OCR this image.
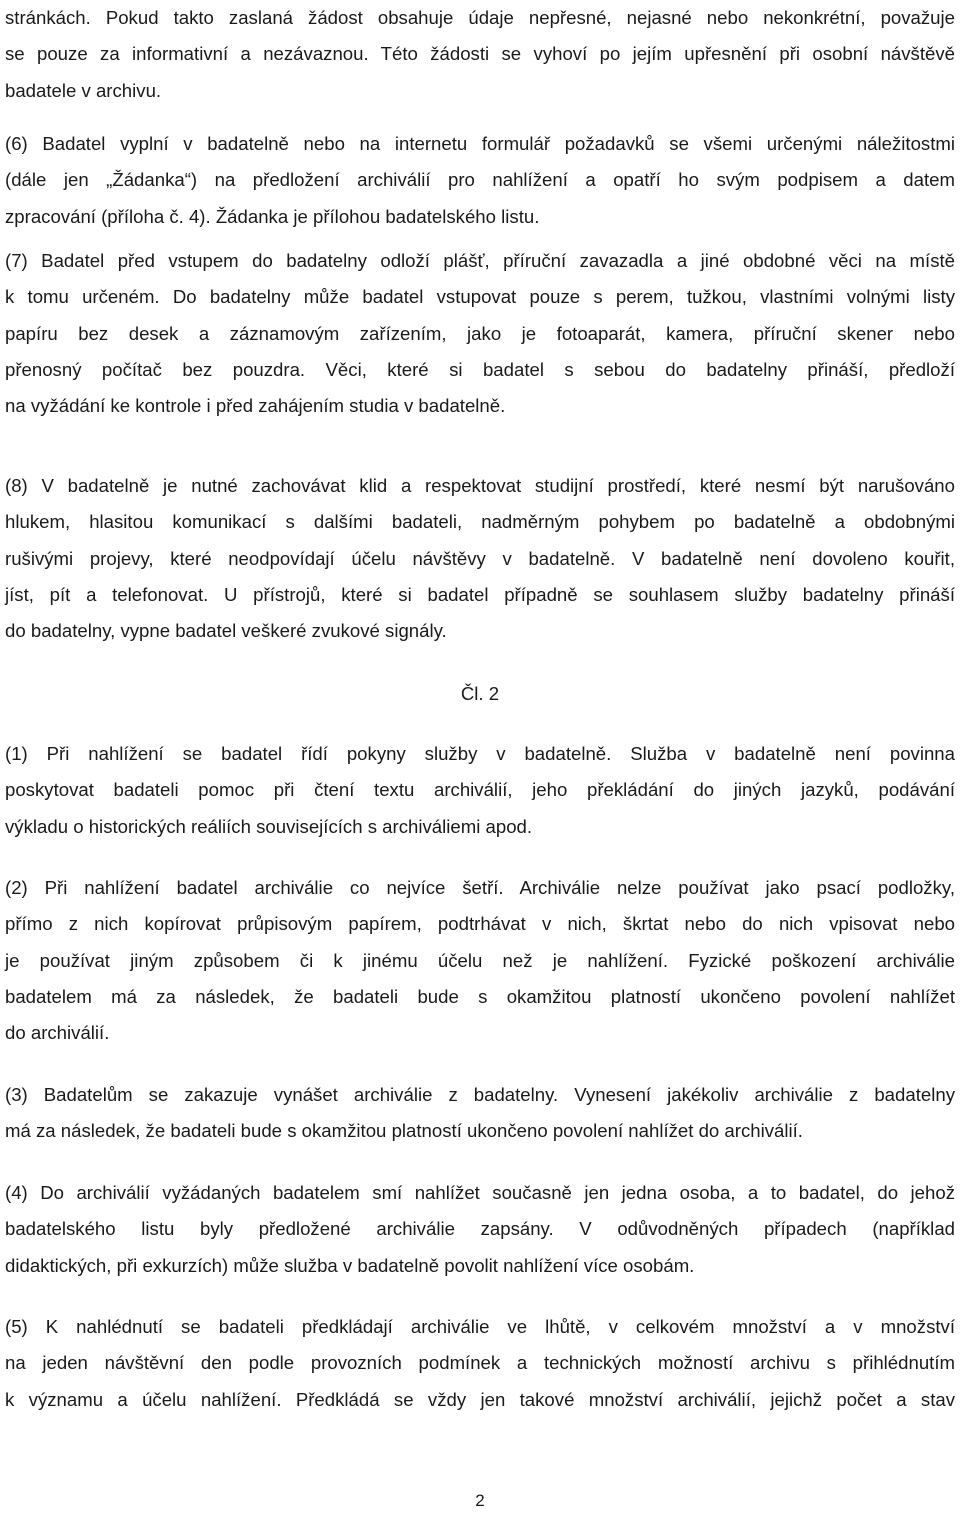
stránkách. Pokud takto zaslaná žádost obsahuje údaje nepřesné, nejasné nebo nekonkrétní, považuje
se pouze za informativní a nezávaznou. Této žádosti se vyhoví po jejím upřesnění při osobní návštěvě
badatele v archivu.
(6) Badatel vyplní v badatelně nebo na internetu formulář požadavků se všemi určenými náležitostmi
(dále jen „Žádanka“) na předložení archiválií pro nahlížení a opatří ho svým podpisem a datem
zpracování (příloha č. 4). Žádanka je přílohou badatelského listu.
(7) Badatel před vstupem do badatelny odloží plášť, příruční zavazadla a jiné obdobné věci na místě
k tomu určeném. Do badatelny může badatel vstupovat pouze s perem, tužkou, vlastními volnými listy
papíru bez desek a záznamovým zařízením, jako je fotoaparát, kamera, příruční skener nebo
přenosný počítač bez pouzdra. Věci, které si badatel s sebou do badatelny přináší, předloží
na vyžádání ke kontrole i před zahájením studia v badatelně.
(8) V badatelně je nutné zachovávat klid a respektovat studijní prostředí, které nesmí být narušováno
hlukem, hlasitou komunikací s dalšími badateli, nadměrným pohybem po badatelně a obdobnými
rušivými projevy, které neodpovídají účelu návštěvy v badatelně. V badatelně není dovoleno kouřit,
jíst, pít a telefonovat. U přístrojů, které si badatel případně se souhlasem služby badatelny přináší
do badatelny, vypne badatel veškeré zvukové signály.
Čl. 2
(1) Při nahlížení se badatel řídí pokyny služby v badatelně. Služba v badatelně není povinna
poskytovat badateli pomoc při čtení textu archiválií, jeho překládání do jiných jazyků, podávání
výkladu o historických reáliích souvisejících s archiváliemi apod.
(2) Při nahlížení badatel archiválie co nejvíce šetří. Archiválie nelze používat jako psací podložky,
přímo z nich kopírovat průpisovým papírem, podtrhávat v nich, škrtat nebo do nich vpisovat nebo
je používat jiným způsobem či k jinému účelu než je nahlížení. Fyzické poškození archiválie
badatelem má za následek, že badateli bude s okamžitou platností ukončeno povolení nahlížet
do archiválií.
(3) Badatelům se zakazuje vynášet archiválie z badatelny. Vynesení jakékoliv archiválie z badatelny
má za následek, že badateli bude s okamžitou platností ukončeno povolení nahlížet do archiválií.
(4) Do archiválií vyžádaných badatelem smí nahlížet současně jen jedna osoba, a to badatel, do jehož
badatelského listu byly předložené archiválie zapsány. V odůvodněných případech (například
didaktických, při exkurzích) může služba v badatelně povolit nahlížení více osobám.
(5) K nahlédnutí se badateli předkládají archiválie ve lhůtě, v celkovém množství a v množství
na jeden návštěvní den podle provozních podmínek a technických možností archivu s přihlédnutím
k významu a účelu nahlížení. Předkládá se vždy jen takové množství archiválií, jejichž počet a stav
2
